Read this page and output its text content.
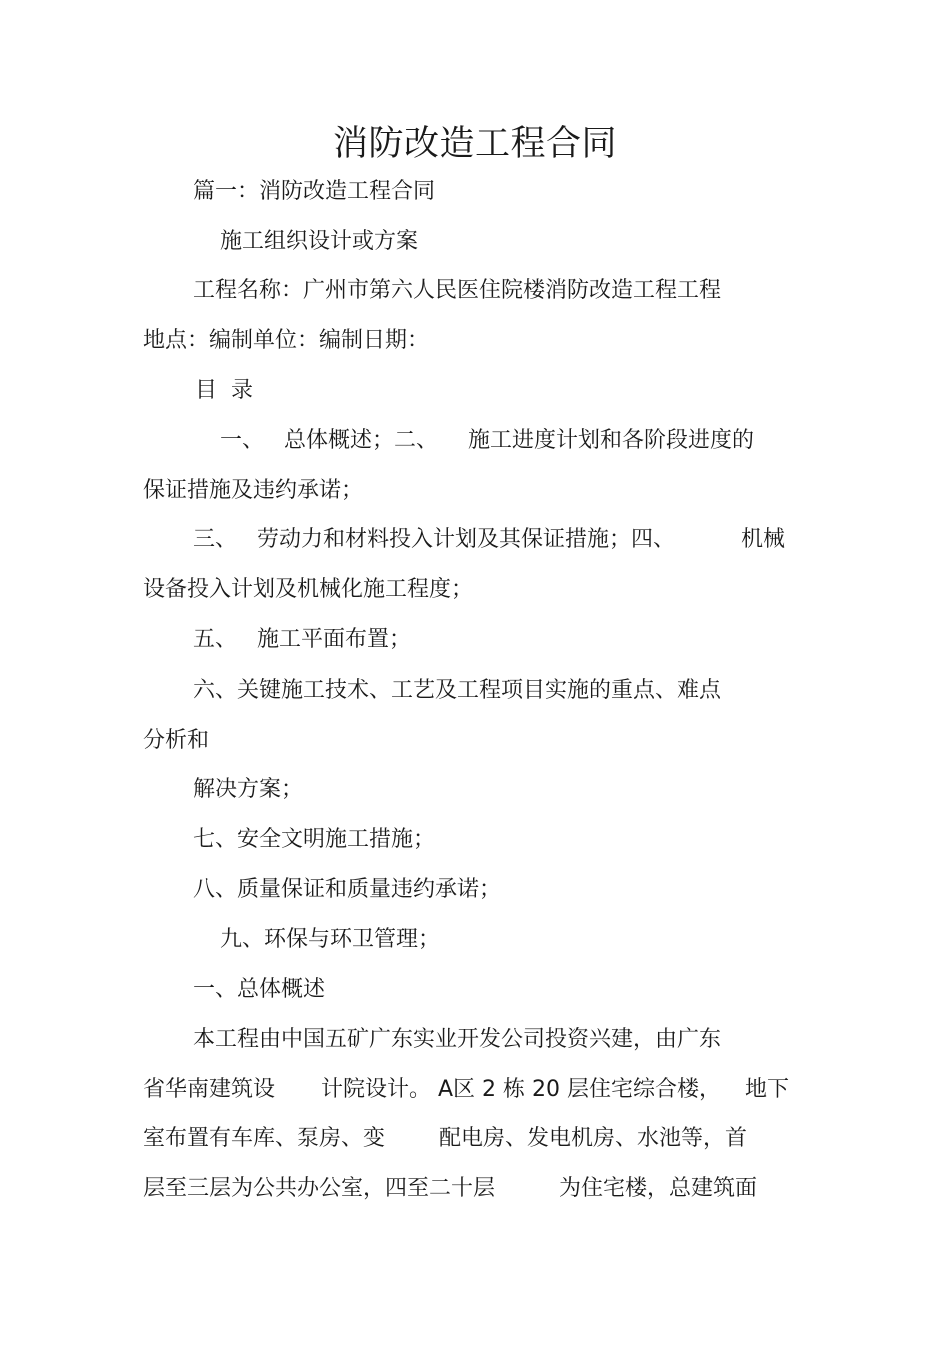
消防改造工程合同
篇一：消防改造工程合同
施工组织设计或方案
工程名称：广州市第六人民医住院楼消防改造工程工程
地点：编制单位：编制日期：
目 录
一、 总体概述；二、 施工进度计划和各阶段进度的
保证措施及违约承诺；
三、 劳动力和材料投入计划及其保证措施；四、	机械
设备投入计划及机械化施工程度；
五、 施工平面布置；
六、关键施工技术、工艺及工程项目实施的重点、难点
分析和
解决方案；
七、安全文明施工措施；
八、质量保证和质量违约承诺；
九、环保与环卫管理；
一、总体概述
本工程由中国五矿广东实业开发公司投资兴建，由广东
省华南建筑设 计院设计。 A区 2 栋 20 层住宅综合楼， 地下
室布置有车库、泵房、变 配电房、发电机房、水池等，首
层至三层为公共办公室，四至二十层	为住宅楼，总建筑面
